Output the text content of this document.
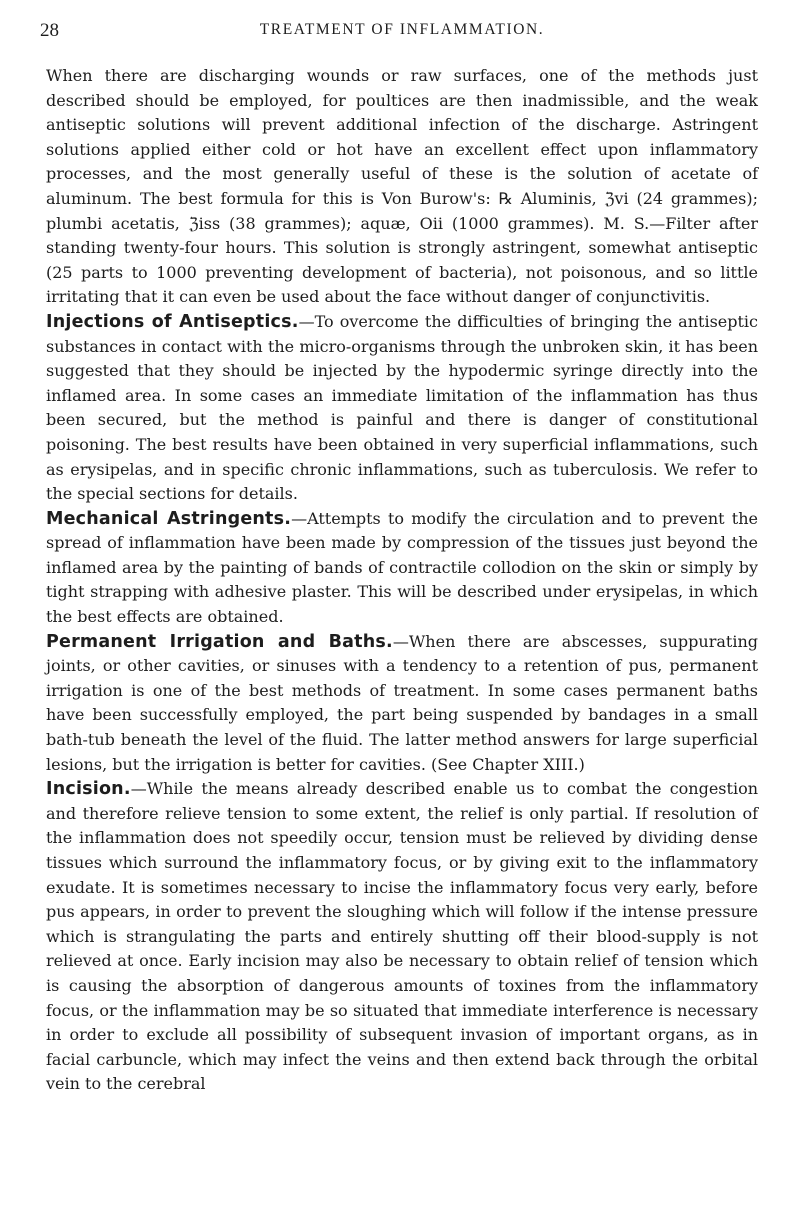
28	TREATMENT OF INFLAMMATION.

When there are discharging wounds or raw surfaces, one of the methods just described should be employed, for poultices are then inadmissible, and the weak antiseptic solutions will prevent additional infection of the discharge. Astringent solutions applied either cold or hot have an excellent effect upon inflammatory processes, and the most generally useful of these is the solution of acetate of aluminum. The best formula for this is Von Burow's: ℞ Aluminis, ℨvi (24 grammes); plumbi acetatis, ℨiss (38 grammes); aquæ, Oii (1000 grammes). M. S.—Filter after standing twenty-four hours. This solution is strongly astringent, somewhat antiseptic (25 parts to 1000 preventing development of bacteria), not poisonous, and so little irritating that it can even be used about the face without danger of conjunctivitis.

Injections of Antiseptics.—To overcome the difficulties of bringing the antiseptic substances in contact with the micro-organisms through the unbroken skin, it has been suggested that they should be injected by the hypodermic syringe directly into the inflamed area. In some cases an immediate limitation of the inflammation has thus been secured, but the method is painful and there is danger of constitutional poisoning. The best results have been obtained in very superficial inflammations, such as erysipelas, and in specific chronic inflammations, such as tuberculosis. We refer to the special sections for details.

Mechanical Astringents.—Attempts to modify the circulation and to prevent the spread of inflammation have been made by compression of the tissues just beyond the inflamed area by the painting of bands of contractile collodion on the skin or simply by tight strapping with adhesive plaster. This will be described under erysipelas, in which the best effects are obtained.

Permanent Irrigation and Baths.—When there are abscesses, suppurating joints, or other cavities, or sinuses with a tendency to a retention of pus, permanent irrigation is one of the best methods of treatment. In some cases permanent baths have been successfully employed, the part being suspended by bandages in a small bath-tub beneath the level of the fluid. The latter method answers for large superficial lesions, but the irrigation is better for cavities. (See Chapter XIII.)

Incision.—While the means already described enable us to combat the congestion and therefore relieve tension to some extent, the relief is only partial. If resolution of the inflammation does not speedily occur, tension must be relieved by dividing dense tissues which surround the inflammatory focus, or by giving exit to the inflammatory exudate. It is sometimes necessary to incise the inflammatory focus very early, before pus appears, in order to prevent the sloughing which will follow if the intense pressure which is strangulating the parts and entirely shutting off their blood-supply is not relieved at once. Early incision may also be necessary to obtain relief of tension which is causing the absorption of dangerous amounts of toxines from the inflammatory focus, or the inflammation may be so situated that immediate interference is necessary in order to exclude all possibility of subsequent invasion of important organs, as in facial carbuncle, which may infect the veins and then extend back through the orbital vein to the cerebral
